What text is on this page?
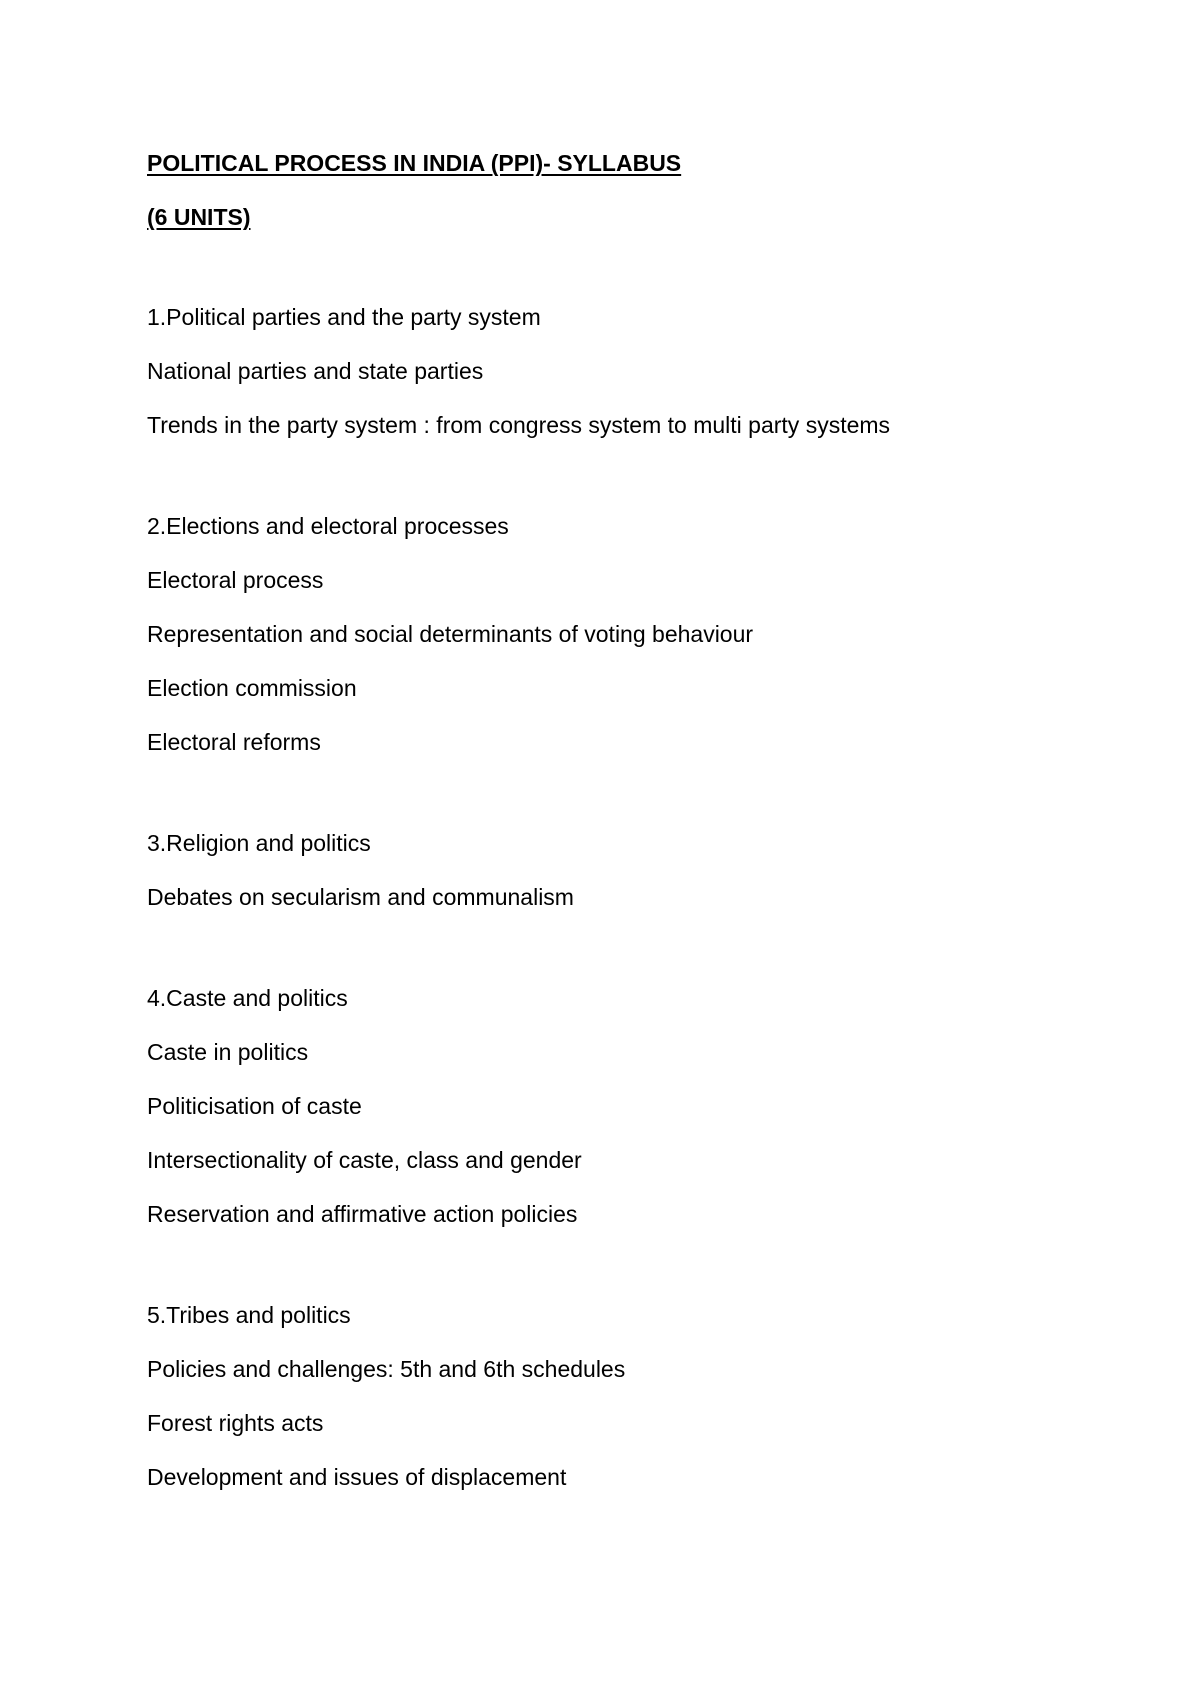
POLITICAL PROCESS IN INDIA (PPI)- SYLLABUS

(6 UNITS)

1.Political parties and the party system

National parties and state parties

Trends in the party system : from congress system to multi party systems

2.Elections and electoral processes

Electoral process

Representation and social determinants of voting behaviour

Election commission

Electoral reforms

3.Religion and politics

Debates on secularism and communalism

4.Caste and politics

Caste in politics

Politicisation of caste

Intersectionality of caste, class and gender

Reservation and affirmative action policies

5.Tribes and politics

Policies and challenges: 5th and 6th schedules

Forest rights acts

Development and issues of displacement
